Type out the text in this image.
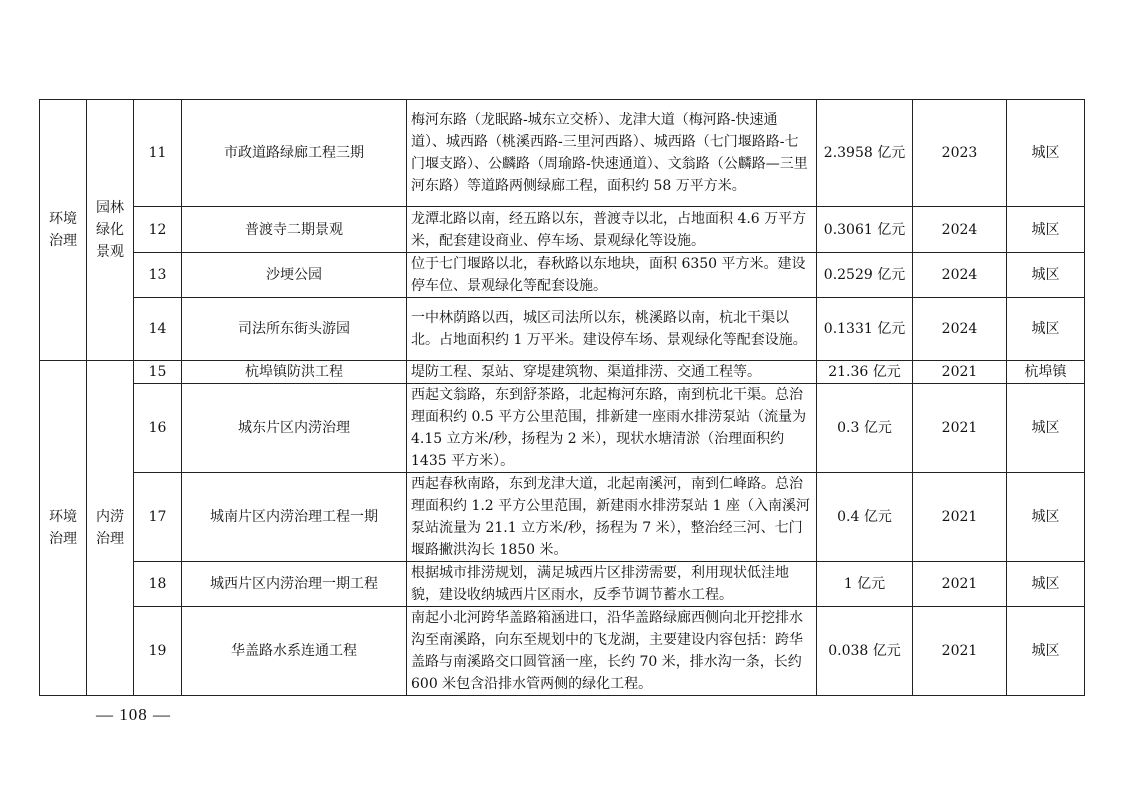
环境治理	园林绿化景观	11	市政道路绿廊工程三期	梅河东路（龙眠路-城东立交桥）、龙津大道（梅河路-快速通道）、城西路（桃溪西路-三里河西路）、城西路（七门堰路路-七门堰支路）、公麟路（周瑜路-快速通道）、文翁路（公麟路—三里河东路）等道路两侧绿廊工程，面积约 58 万平方米。	2.3958 亿元	2023	城区
		12	普渡寺二期景观	龙潭北路以南，经五路以东，普渡寺以北，占地面积 4.6 万平方米，配套建设商业、停车场、景观绿化等设施。	0.3061 亿元	2024	城区
		13	沙埂公园	位于七门堰路以北，春秋路以东地块，面积 6350 平方米。建设停车位、景观绿化等配套设施。	0.2529 亿元	2024	城区
		14	司法所东街头游园	一中林荫路以西，城区司法所以东，桃溪路以南，杭北干渠以北。占地面积约 1 万平米。建设停车场、景观绿化等配套设施。	0.1331 亿元	2024	城区
环境治理	内涝治理	15	杭埠镇防洪工程	堤防工程、泵站、穿堤建筑物、渠道排涝、交通工程等。	21.36 亿元	2021	杭埠镇
		16	城东片区内涝治理	西起文翁路，东到舒茶路，北起梅河东路，南到杭北干渠。总治理面积约 0.5 平方公里范围，排新建一座雨水排涝泵站（流量为 4.15 立方米/秒，扬程为 2 米），现状水塘清淤（治理面积约 1435 平方米）。	0.3 亿元	2021	城区
		17	城南片区内涝治理工程一期	西起春秋南路，东到龙津大道，北起南溪河，南到仁峰路。总治理面积约 1.2 平方公里范围，新建雨水排涝泵站 1 座（入南溪河泵站流量为 21.1 立方米/秒，扬程为 7 米），整治经三河、七门堰路撇洪沟长 1850 米。	0.4 亿元	2021	城区
		18	城西片区内涝治理一期工程	根据城市排涝规划，满足城西片区排涝需要，利用现状低洼地貌，建设收纳城西片区雨水，反季节调节蓄水工程。	1 亿元	2021	城区
		19	华盖路水系连通工程	南起小北河跨华盖路箱涵进口，沿华盖路绿廊西侧向北开挖排水沟至南溪路，向东至规划中的飞龙湖，主要建设内容包括：跨华盖路与南溪路交口圆管涵一座，长约 70 米，排水沟一条，长约 600 米包含沿排水管两侧的绿化工程。	0.038 亿元	2021	城区
— 108 —
